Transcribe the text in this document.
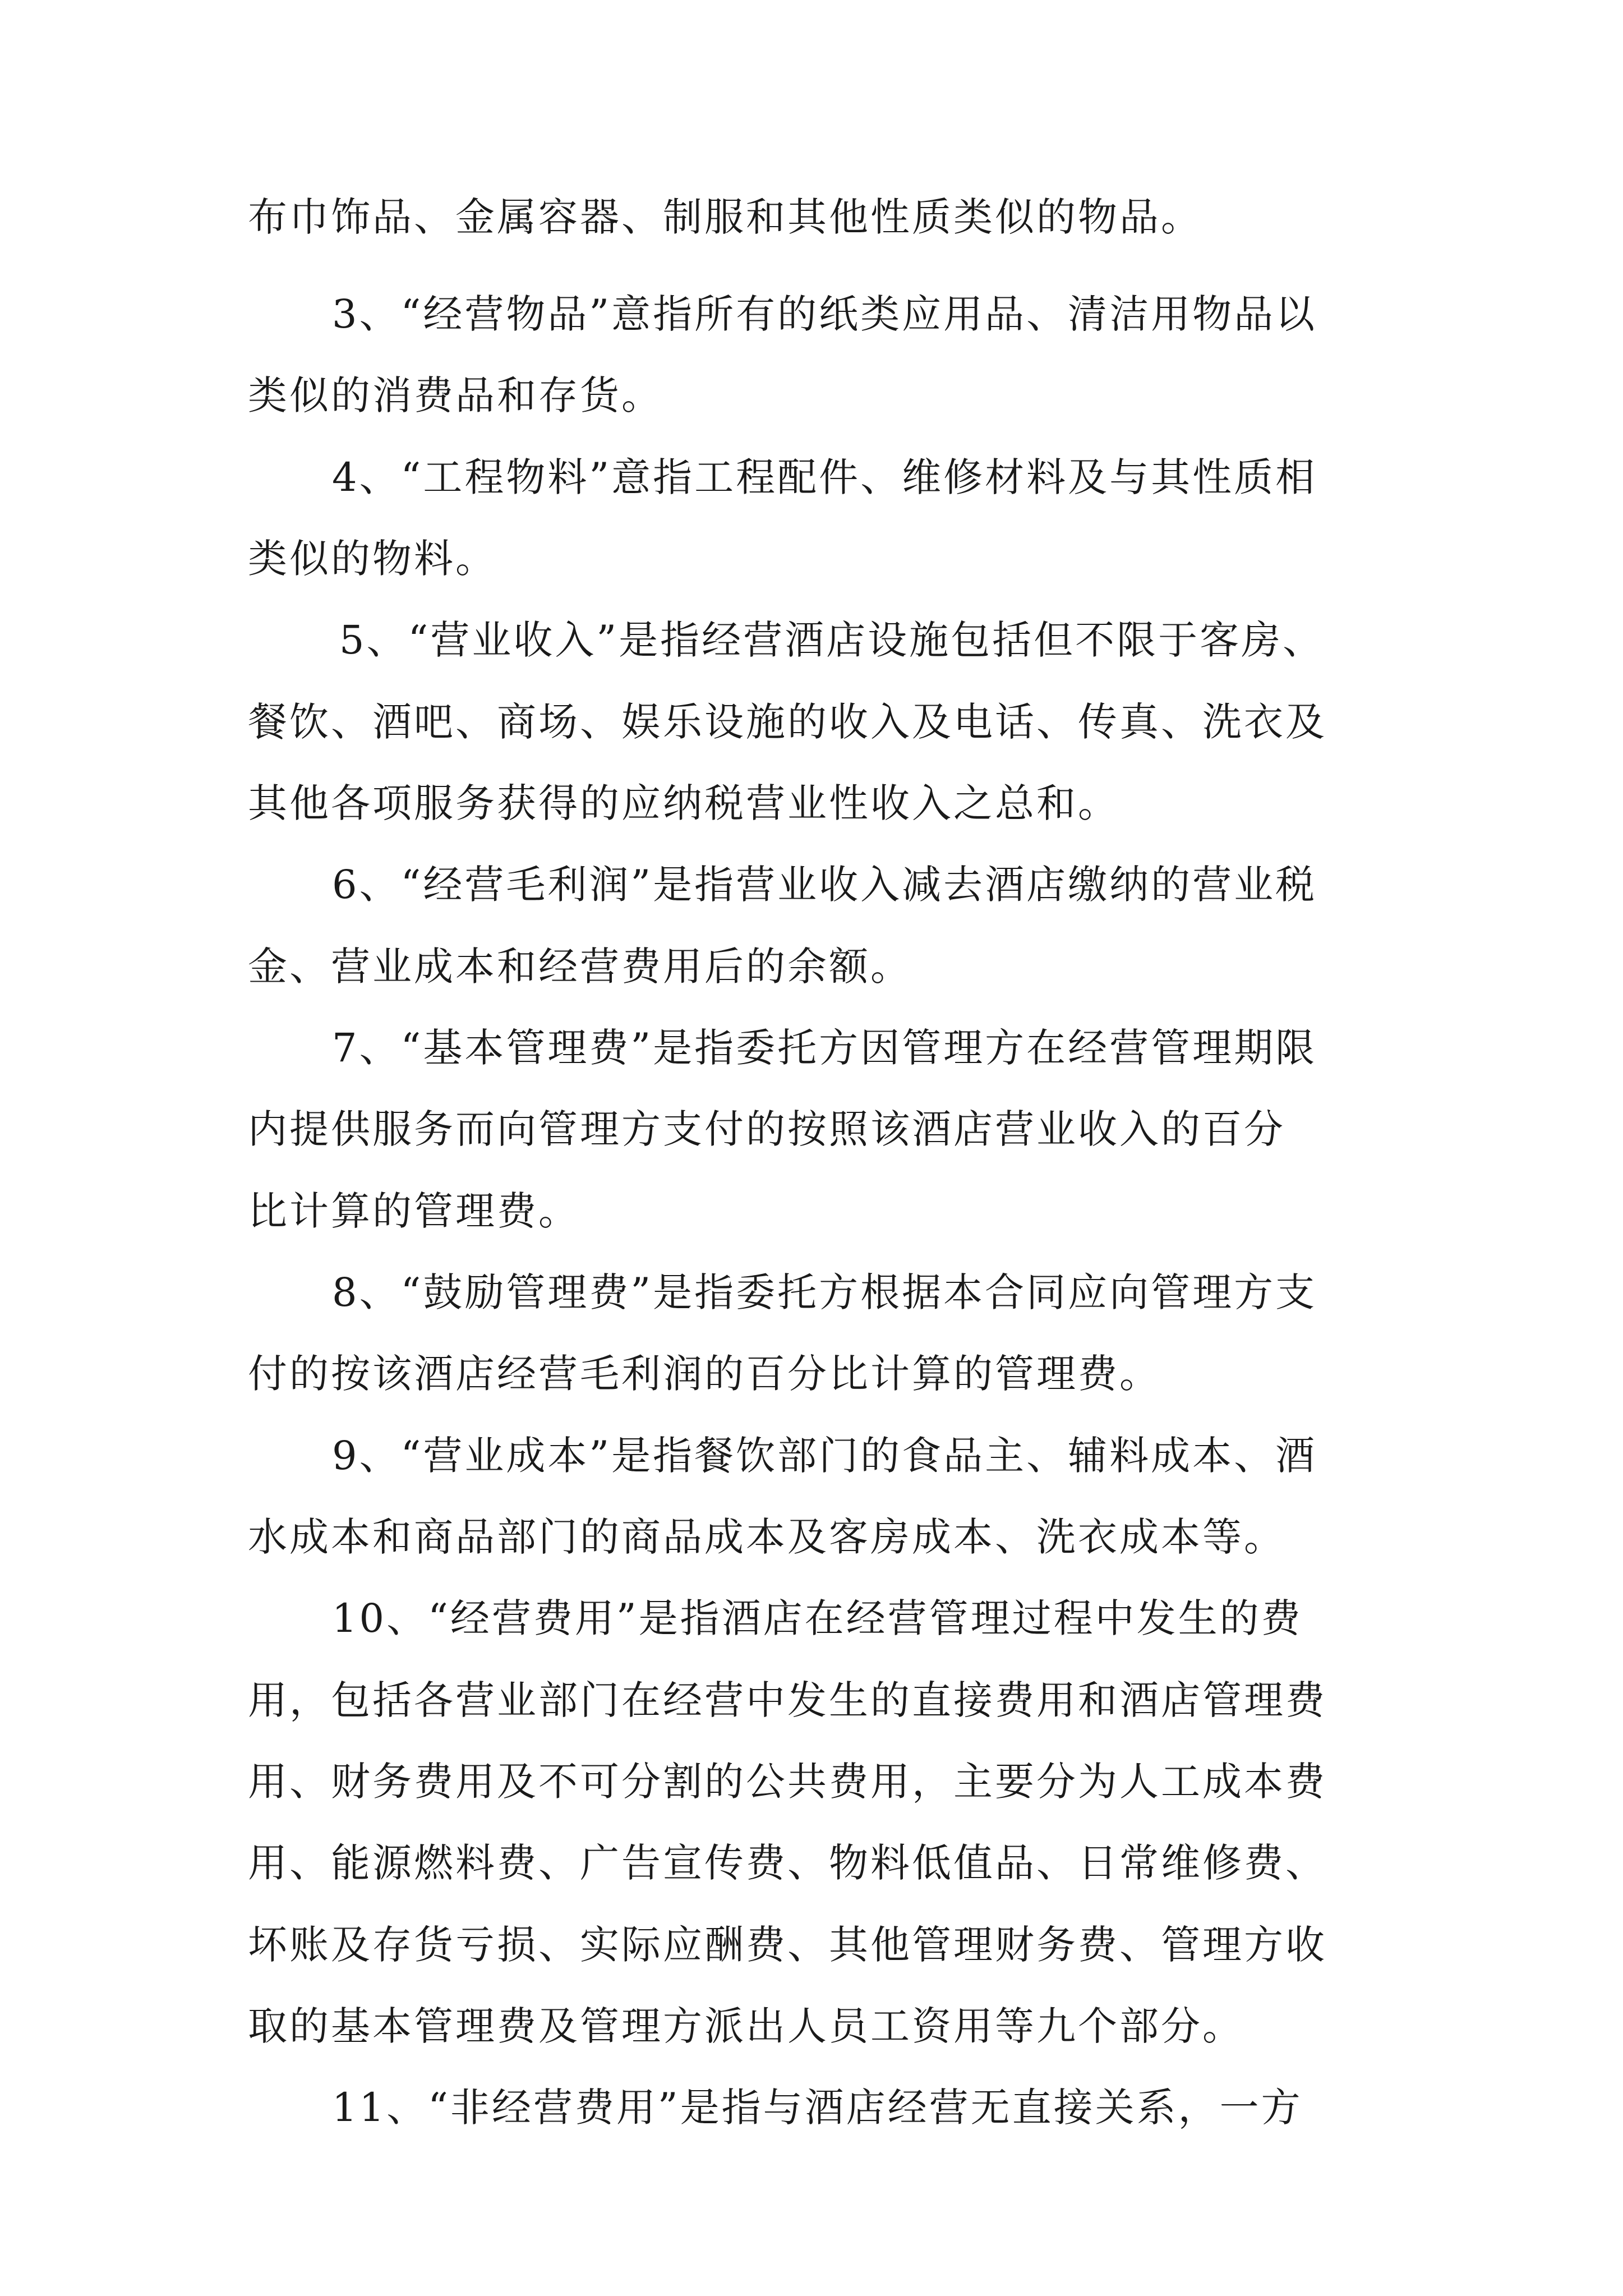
布巾饰品、金属容器、制服和其他性质类似的物品。
3、“经营物品”意指所有的纸类应用品、清洁用物品以
类似的消费品和存货。
4、“工程物料”意指工程配件、维修材料及与其性质相
类似的物料。
5、“营业收入”是指经营酒店设施包括但不限于客房、
餐饮、酒吧、商场、娱乐设施的收入及电话、传真、洗衣及
其他各项服务获得的应纳税营业性收入之总和。
6、“经营毛利润”是指营业收入减去酒店缴纳的营业税
金、营业成本和经营费用后的余额。
7、“基本管理费”是指委托方因管理方在经营管理期限
内提供服务而向管理方支付的按照该酒店营业收入的百分
比计算的管理费。
8、“鼓励管理费”是指委托方根据本合同应向管理方支
付的按该酒店经营毛利润的百分比计算的管理费。
9、“营业成本”是指餐饮部门的食品主、辅料成本、酒
水成本和商品部门的商品成本及客房成本、洗衣成本等。
10、“经营费用”是指酒店在经营管理过程中发生的费
用，包括各营业部门在经营中发生的直接费用和酒店管理费
用、财务费用及不可分割的公共费用，主要分为人工成本费
用、能源燃料费、广告宣传费、物料低值品、日常维修费、
坏账及存货亏损、实际应酬费、其他管理财务费、管理方收
取的基本管理费及管理方派出人员工资用等九个部分。
11、“非经营费用”是指与酒店经营无直接关系，一方
